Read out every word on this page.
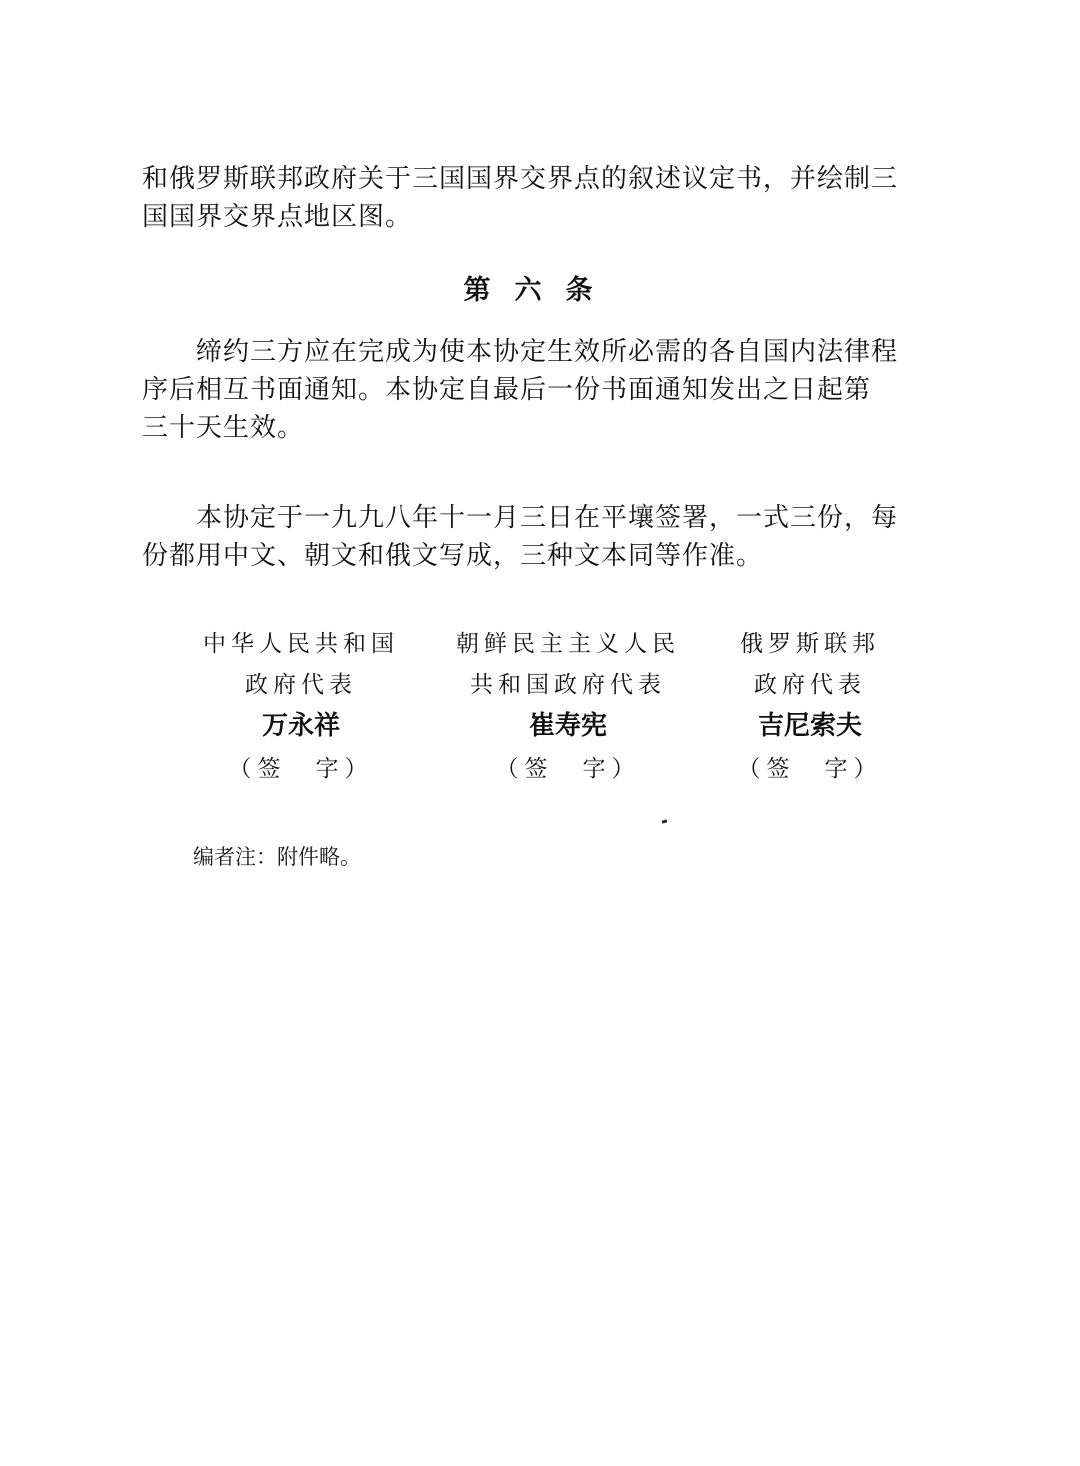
和俄罗斯联邦政府关于三国国界交界点的叙述议定书，并绘制三
国国界交界点地区图。
第六条
缔约三方应在完成为使本协定生效所必需的各自国内法律程
序后相互书面通知。本协定自最后一份书面通知发出之日起第
三十天生效。
本协定于一九九八年十一月三日在平壤签署，一式三份，每
份都用中文、朝文和俄文写成，三种文本同等作准。
中华人民共和国
政府代表
万永祥
（签　字）
朝鲜民主主义人民
共和国政府代表
崔寿宪
（签　字）
俄罗斯联邦
政府代表
吉尼索夫
（签　字）

编者注：附件略。
